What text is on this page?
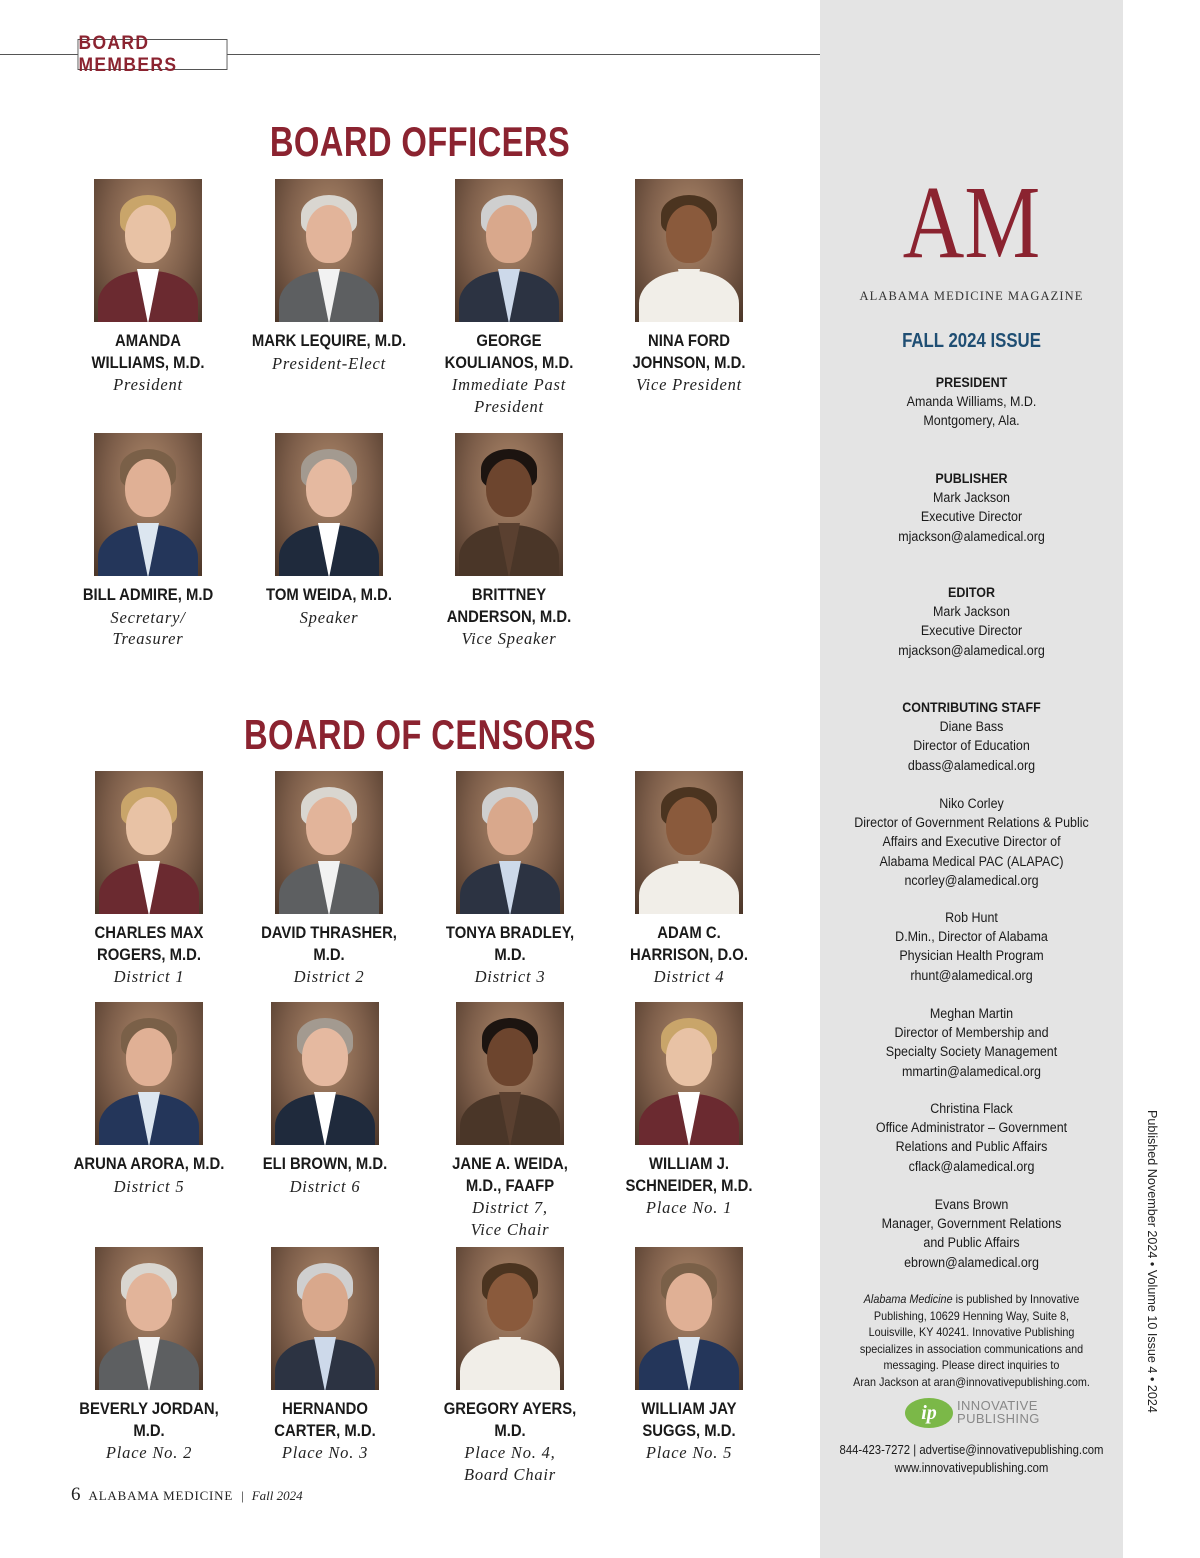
BOARD MEMBERS
BOARD OFFICERS
AMANDA
WILLIAMS, M.D.
President
MARK LEQUIRE, M.D.
President-Elect
GEORGE
KOULIANOS, M.D.
Immediate Past
President
NINA FORD
JOHNSON, M.D.
Vice President
BILL ADMIRE, M.D
Secretary/
Treasurer
TOM WEIDA, M.D.
Speaker
BRITTNEY
ANDERSON, M.D.
Vice Speaker
BOARD OF CENSORS
CHARLES MAX
ROGERS, M.D.
District 1
DAVID THRASHER, M.D.
District 2
TONYA BRADLEY, M.D.
District 3
ADAM C.
HARRISON, D.O.
District 4
ARUNA ARORA, M.D.
District 5
ELI BROWN, M.D.
District 6
JANE A. WEIDA,
M.D., FAAFP
District 7,
Vice Chair
WILLIAM J.
SCHNEIDER, M.D.
Place No. 1
BEVERLY JORDAN, M.D.
Place No. 2
HERNANDO
CARTER, M.D.
Place No. 3
GREGORY AYERS, M.D.
Place No. 4,
Board Chair
WILLIAM JAY
SUGGS, M.D.
Place No. 5
AM
ALABAMA MEDICINE MAGAZINE
FALL 2024 ISSUE
PRESIDENT
Amanda Williams, M.D.
Montgomery, Ala.
PUBLISHER
Mark Jackson
Executive Director
mjackson@alamedical.org
EDITOR
Mark Jackson
Executive Director
mjackson@alamedical.org
CONTRIBUTING STAFF
Diane Bass
Director of Education
dbass@alamedical.org
Niko Corley
Director of Government Relations & Public
Affairs and Executive Director of
Alabama Medical PAC (ALAPAC)
ncorley@alamedical.org
Rob Hunt
D.Min., Director of Alabama
Physician Health Program
rhunt@alamedical.org
Meghan Martin
Director of Membership and
Specialty Society Management
mmartin@alamedical.org
Christina Flack
Office Administrator – Government
Relations and Public Affairs
cflack@alamedical.org
Evans Brown
Manager, Government Relations
and Public Affairs
ebrown@alamedical.org
Alabama Medicine is published by Innovative
Publishing, 10629 Henning Way, Suite 8,
Louisville, KY 40241. Innovative Publishing
specializes in association communications and
messaging. Please direct inquiries to
Aran Jackson at aran@innovativepublishing.com.
ip	INNOVATIVE
PUBLISHING
844-423-7272 | advertise@innovativepublishing.com
www.innovativepublishing.com
Published November 2024 • Volume 10 Issue 4 • 2024
6 ALABAMA MEDICINE | Fall 2024
